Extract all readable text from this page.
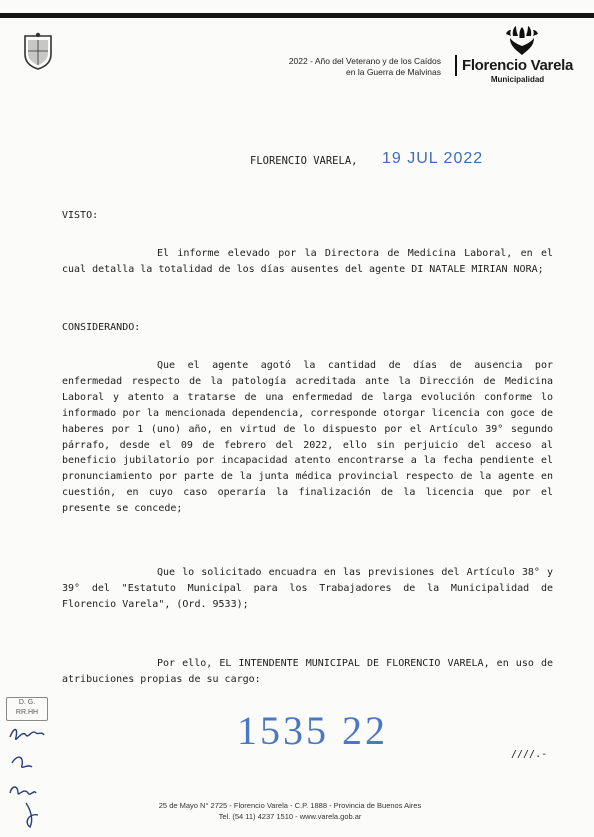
2022 - Año del Veterano y de los Caídos
en la Guerra de Malvinas Florencio Varela
Municipalidad
FLORENCIO VARELA, 19 JUL 2022
VISTO:

El informe elevado por la Directora de Medicina Laboral, en el cual detalla la totalidad de los días ausentes del agente DI NATALE MIRIAN NORA;

CONSIDERANDO:

Que el agente agotó la cantidad de días de ausencia por enfermedad respecto de la patología acreditada ante la Dirección de Medicina Laboral y atento a tratarse de una enfermedad de larga evolución conforme lo informado por la mencionada dependencia, corresponde otorgar licencia con goce de haberes por 1 (uno) año, en virtud de lo dispuesto por el Artículo 39° segundo párrafo, desde el 09 de febrero del 2022, ello sin perjuicio del acceso al beneficio jubilatorio por incapacidad atento encontrarse a la fecha pendiente el pronunciamiento por parte de la junta médica provincial respecto de la agente en cuestión, en cuyo caso operaría la finalización de la licencia que por el presente se concede;

Que lo solicitado encuadra en las previsiones del Artículo 38° y 39° del "Estatuto Municipal para los Trabajadores de la Municipalidad de Florencio Varela", (Ord. 9533);

Por ello, EL INTENDENTE MUNICIPAL DE FLORENCIO VARELA, en uso de atribuciones propias de su cargo:

1535 22
////.-
D. G.
RR.HH
25 de Mayo N° 2725 - Florencio Varela - C.P. 1888 - Provincia de Buenos Aires
Tel. (54 11) 4237 1510 - www.varela.gob.ar
